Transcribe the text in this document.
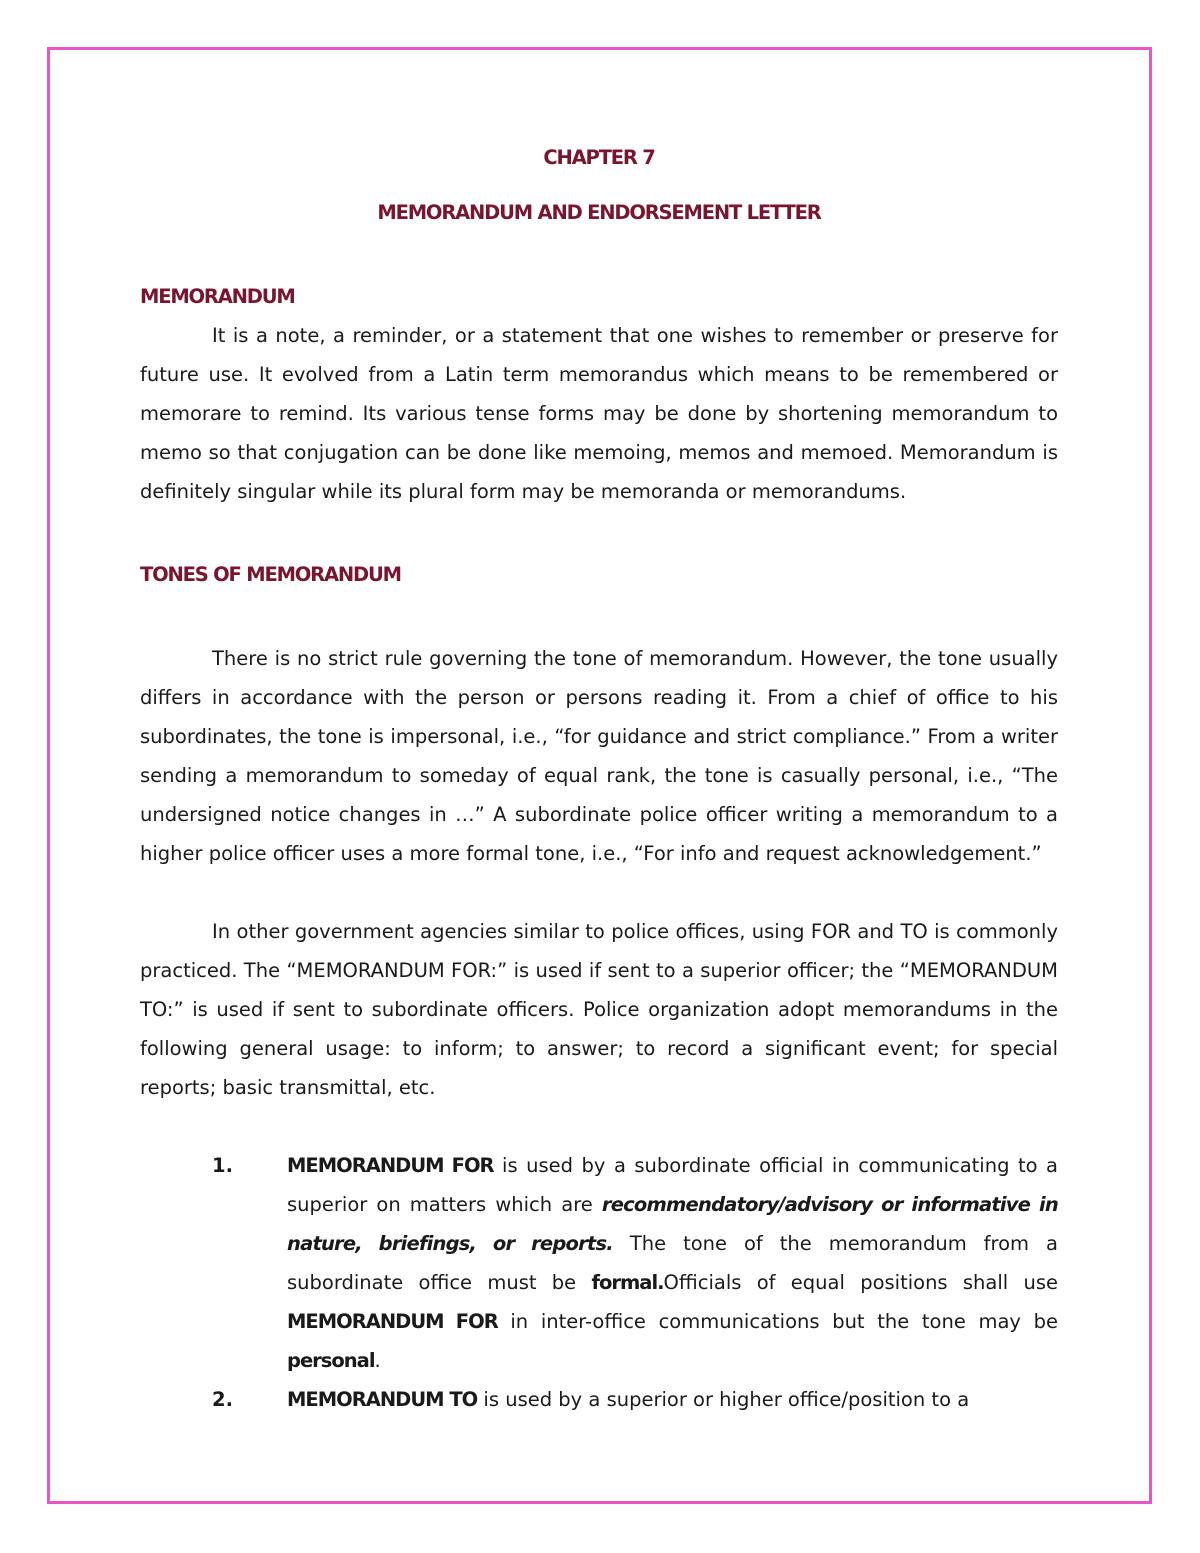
CHAPTER 7
MEMORANDUM AND ENDORSEMENT LETTER
MEMORANDUM

It is a note, a reminder, or a statement that one wishes to remember or preserve for future use. It evolved from a Latin term memorandus which means to be remembered or memorare to remind. Its various tense forms may be done by shortening memorandum to memo so that conjugation can be done like memoing, memos and memoed. Memorandum is definitely singular while its plural form may be memoranda or memorandums.

TONES OF MEMORANDUM

There is no strict rule governing the tone of memorandum. However, the tone usually differs in accordance with the person or persons reading it. From a chief of office to his subordinates, the tone is impersonal, i.e., “for guidance and strict compliance.” From a writer sending a memorandum to someday of equal rank, the tone is casually personal, i.e., “The undersigned notice changes in …” A subordinate police officer writing a memorandum to a higher police officer uses a more formal tone, i.e., “For info and request acknowledgement.”

In other government agencies similar to police offices, using FOR and TO is commonly practiced. The “MEMORANDUM FOR:” is used if sent to a superior officer; the “MEMORANDUM TO:” is used if sent to subordinate officers. Police organization adopt memorandums in the following general usage: to inform; to answer; to record a significant event; for special reports; basic transmittal, etc.

1.	MEMORANDUM FOR is used by a subordinate official in communicating to a superior on matters which are recommendatory/advisory or informative in nature, briefings, or reports. The tone of the memorandum from a subordinate office must be formal.Officials of equal positions shall use MEMORANDUM FOR in inter-office communications but the tone may be personal.
2.	MEMORANDUM TO is used by a superior or higher office/position to a
